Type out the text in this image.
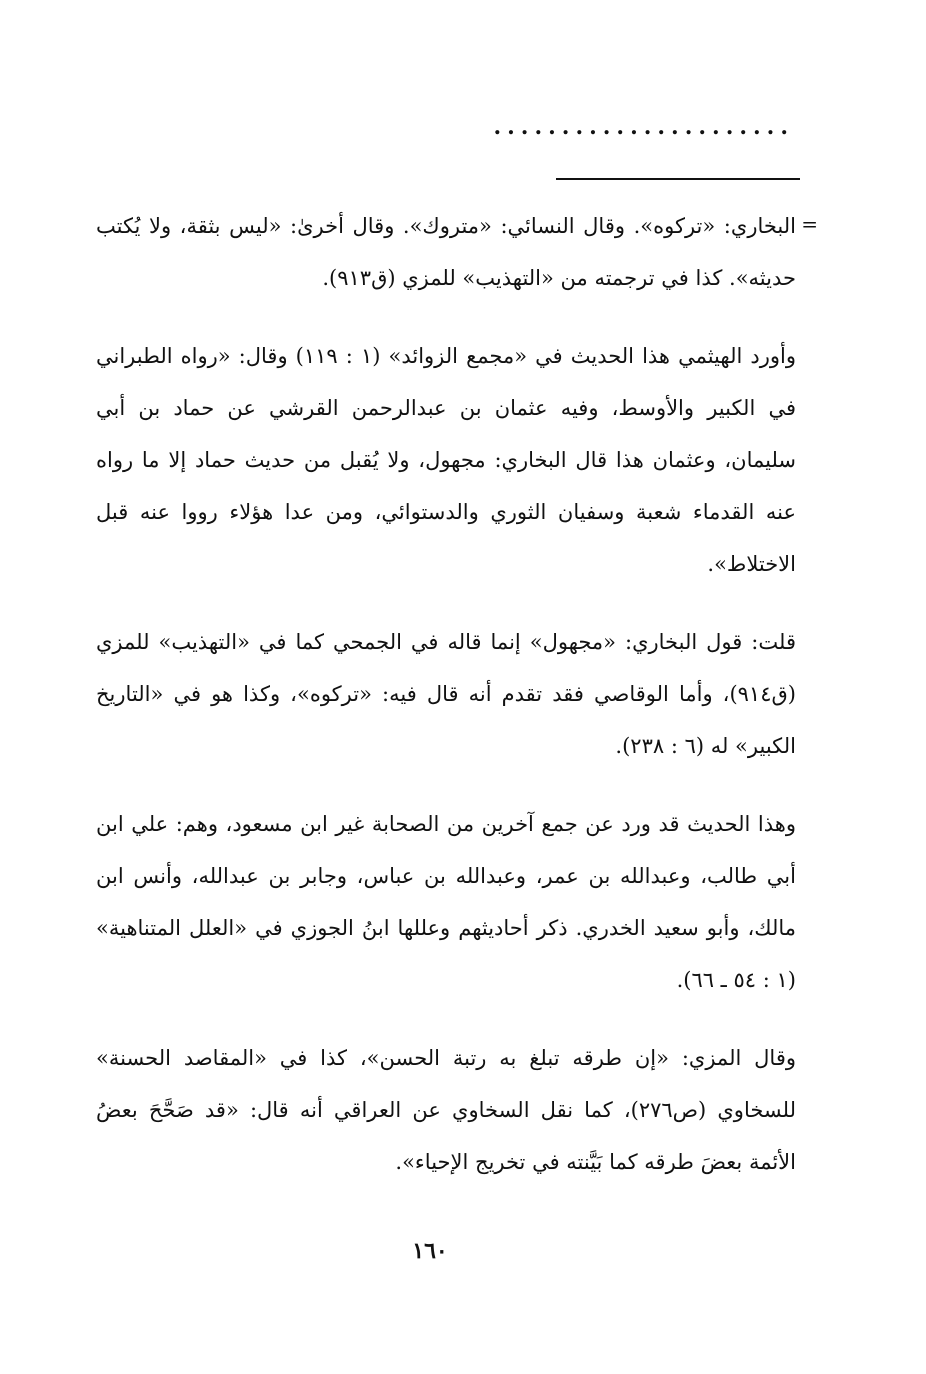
......................

=
البخاري: «تركوه». وقال النسائي: «متروك». وقال أخرىٰ: «ليس بثقة، ولا يُكتب حديثه». كذا في ترجمته من «التهذيب» للمزي (ق٩١٣).

وأورد الهيثمي هذا الحديث في «مجمع الزوائد» (١ : ١١٩) وقال: «رواه الطبراني في الكبير والأوسط، وفيه عثمان بن عبدالرحمن القرشي عن حماد بن أبي سليمان، وعثمان هذا قال البخاري: مجهول، ولا يُقبل من حديث حماد إلا ما رواه عنه القدماء شعبة وسفيان الثوري والدستوائي، ومن عدا هؤلاء رووا عنه قبل الاختلاط».

قلت: قول البخاري: «مجهول» إنما قاله في الجمحي كما في «التهذيب» للمزي (ق٩١٤)، وأما الوقاصي فقد تقدم أنه قال فيه: «تركوه»، وكذا هو في «التاريخ الكبير» له (٦ : ٢٣٨).

وهذا الحديث قد ورد عن جمع آخرين من الصحابة غير ابن مسعود، وهم: علي ابن أبي طالب، وعبدالله بن عمر، وعبدالله بن عباس، وجابر بن عبدالله، وأنس ابن مالك، وأبو سعيد الخدري. ذكر أحاديثهم وعللها ابنُ الجوزي في «العلل المتناهية» (١ : ٥٤ ـ ٦٦).

وقال المزي: «إن طرقه تبلغ به رتبة الحسن»، كذا في «المقاصد الحسنة» للسخاوي (ص٢٧٦)، كما نقل السخاوي عن العراقي أنه قال: «قد صَحَّحَ بعضُ الأئمة بعضَ طرقه كما بَيَّنته في تخريج الإحياء».

١٦٠
